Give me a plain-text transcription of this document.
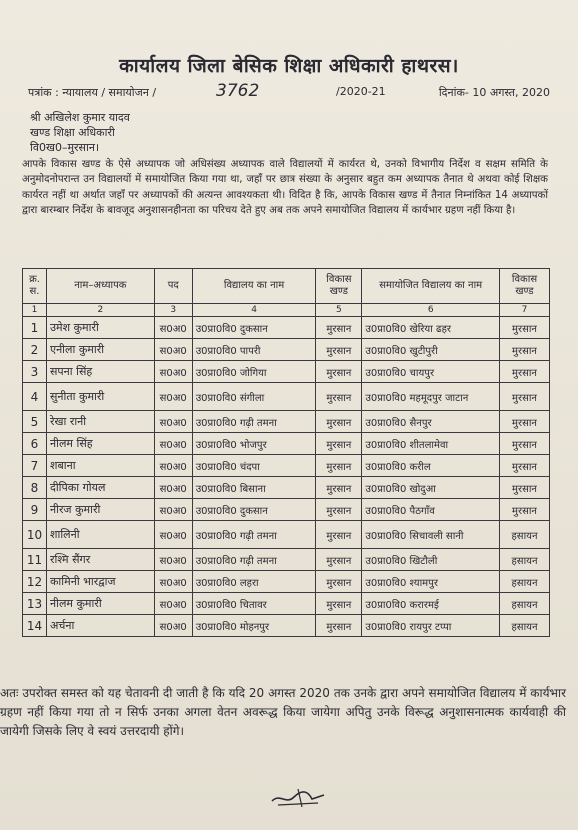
कार्यालय जिला बेसिक शिक्षा अधिकारी हाथरस।
पत्रांक : न्यायालय / समायोजन /	3762	/2020-21	दिनांक- 10 अगस्त, 2020
श्री अखिलेश कुमार यादव
खण्ड शिक्षा अधिकारी
वि0ख0–मुरसान।
आपके विकास खण्ड के ऐसे अध्यापक जो अधिसंख्य अध्यापक वाले विद्यालयों में कार्यरत थे, उनको विभागीय निर्देश व सक्षम समिति के अनुमोदनोपरान्त उन विद्यालयों में समायोजित किया गया था, जहाँ पर छात्र संख्या के अनुसार बहुत कम अध्यापक तैनात थे अथवा कोई शिक्षक कार्यरत नहीं था अर्थात जहाँ पर अध्यापकों की अत्यन्त आवश्यकता थी। विदित है कि, आपके विकास खण्ड में तैनात निम्नांकित 14 अध्यापकों द्वारा बारम्बार निर्देश के बावजूद अनुशासनहीनता का परिचय देते हुए अब तक अपने समायोजित विद्यालय में कार्यभार ग्रहण नहीं किया है।
क्र. स.	नाम–अध्यापक	पद	विद्यालय का नाम	विकास खण्ड	समायोजित विद्यालय का नाम	विकास खण्ड
1	2	3	4	5	6	7
1	उमेश कुमारी	स0अ0	उ0प्रा0वि0 दुकसान	मुरसान	उ0प्रा0वि0 खेरिया ढहर	मुरसान
2	एनीला कुमारी	स0अ0	उ0प्रा0वि0 पापरी	मुरसान	उ0प्रा0वि0 खुटीपुरी	मुरसान
3	सपना सिंह	स0अ0	उ0प्रा0वि0 जोगिया	मुरसान	उ0प्रा0वि0 चायपुर	मुरसान
4	सुनीता कुमारी	स0अ0	उ0प्रा0वि0 संगीला	मुरसान	उ0प्रा0वि0 महमूदपुर जाटान	मुरसान
5	रेखा रानी	स0अ0	उ0प्रा0वि0 गढ़ी तमना	मुरसान	उ0प्रा0वि0 सैनपुर	मुरसान
6	नीलम सिंह	स0अ0	उ0प्रा0वि0 भोजपुर	मुरसान	उ0प्रा0वि0 शीतलामेवा	मुरसान
7	शबाना	स0अ0	उ0प्रा0वि0 चंदपा	मुरसान	उ0प्रा0वि0 करील	मुरसान
8	दीपिका गोयल	स0अ0	उ0प्रा0वि0 बिसाना	मुरसान	उ0प्रा0वि0 खोदुआ	मुरसान
9	नीरज कुमारी	स0अ0	उ0प्रा0वि0 दुकसान	मुरसान	उ0प्रा0वि0 पैठगाँव	मुरसान
10	शालिनी	स0अ0	उ0प्रा0वि0 गढ़ी तमना	मुरसान	उ0प्रा0वि0 सिचावली सानी	हसायन
11	रश्मि सैंगर	स0अ0	उ0प्रा0वि0 गढ़ी तमना	मुरसान	उ0प्रा0वि0 खिटौली	हसायन
12	कामिनी भारद्वाज	स0अ0	उ0प्रा0वि0 लहरा	मुरसान	उ0प्रा0वि0 श्यामपुर	हसायन
13	नीलम कुमारी	स0अ0	उ0प्रा0वि0 चितावर	मुरसान	उ0प्रा0वि0 करारमई	हसायन
14	अर्चना	स0अ0	उ0प्रा0वि0 मोहनपुर	मुरसान	उ0प्रा0वि0 रायपुर टप्पा	हसायन
अतः उपरोक्त समस्त को यह चेतावनी दी जाती है कि यदि 20 अगस्त 2020 तक उनके द्वारा अपने समायोजित विद्यालय में कार्यभार ग्रहण नहीं किया गया तो न सिर्फ उनका अगला वेतन अवरूद्ध किया जायेगा अपितु उनके विरूद्ध अनुशासनात्मक कार्यवाही की जायेगी जिसके लिए वे स्वयं उत्तरदायी होंगे।
